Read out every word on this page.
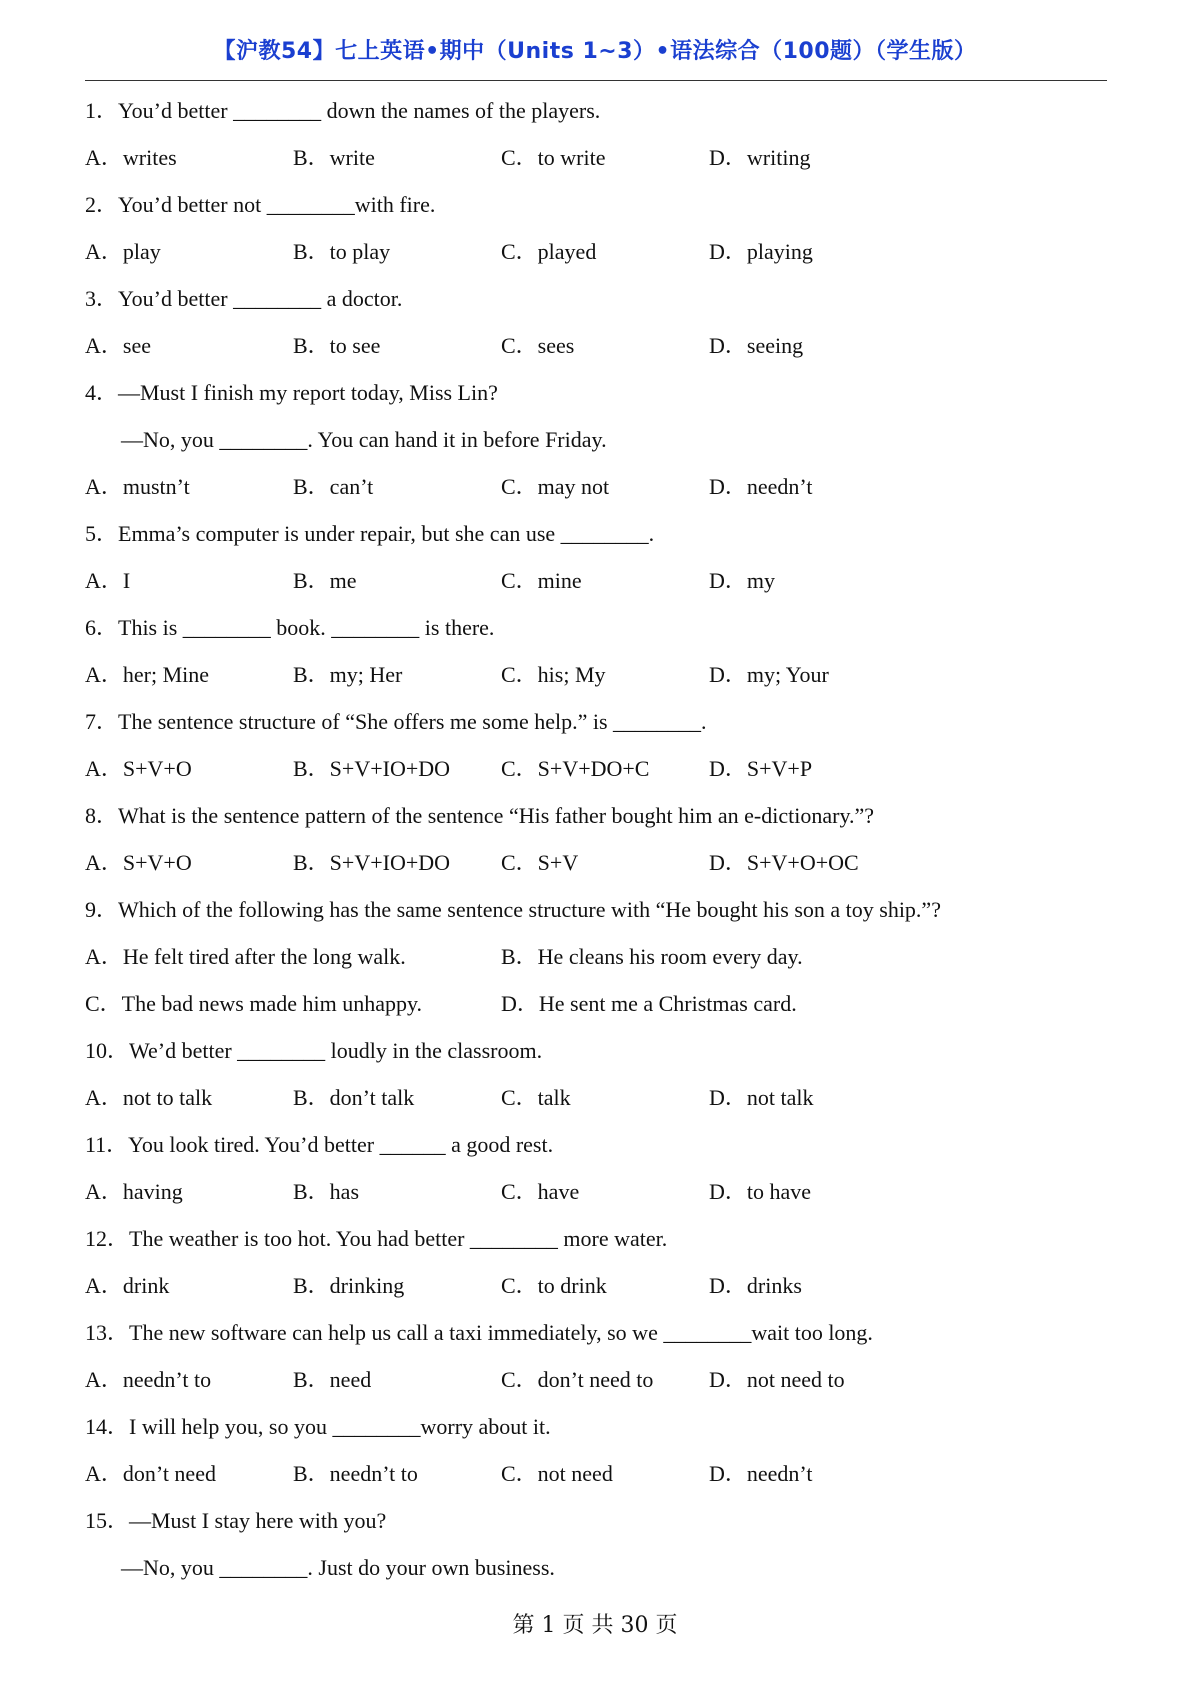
【沪教54】七上英语•期中（Units 1~3）•语法综合（100题）（学生版）
1．You’d better ________ down the names of the players.
A．writes	B．write	C．to write	D．writing
2．You’d better not ________with fire.
A．play	B．to play	C．played	D．playing
3．You’d better ________ a doctor.
A．see	B．to see	C．sees	D．seeing
4．—Must I finish my report today, Miss Lin?
—No, you ________. You can hand it in before Friday.
A．mustn’t	B．can’t	C．may not	D．needn’t
5．Emma’s computer is under repair, but she can use ________.
A．I	B．me	C．mine	D．my
6．This is ________ book. ________ is there.
A．her; Mine	B．my; Her	C．his; My	D．my; Your
7．The sentence structure of “She offers me some help.” is ________.
A．S+V+O	B．S+V+IO+DO C．S+V+DO+C	D．S+V+P
8．What is the sentence pattern of the sentence “His father bought him an e-dictionary.”?
A．S+V+O	B．S+V+IO+DO C．S+V	D．S+V+O+OC
9．Which of the following has the same sentence structure with “He bought his son a toy ship.”?
A．He felt tired after the long walk.	B．He cleans his room every day.
C．The bad news made him unhappy.	D．He sent me a Christmas card.
10．We’d better ________ loudly in the classroom.
A．not to talk	B．don’t talk	C．talk	D．not talk
11．You look tired. You’d better ______ a good rest.
A．having	B．has	C．have	D．to have
12．The weather is too hot. You had better ________ more water.
A．drink	B．drinking	C．to drink	D．drinks
13．The new software can help us call a taxi immediately, so we ________wait too long.
A．needn’t to	B．need	C．don’t need to	D．not need to
14．I will help you, so you ________worry about it.
A．don’t need	B．needn’t to	C．not need	D．needn’t
15．—Must I stay here with you?
—No, you ________. Just do your own business.
第 1 页 共 30 页
